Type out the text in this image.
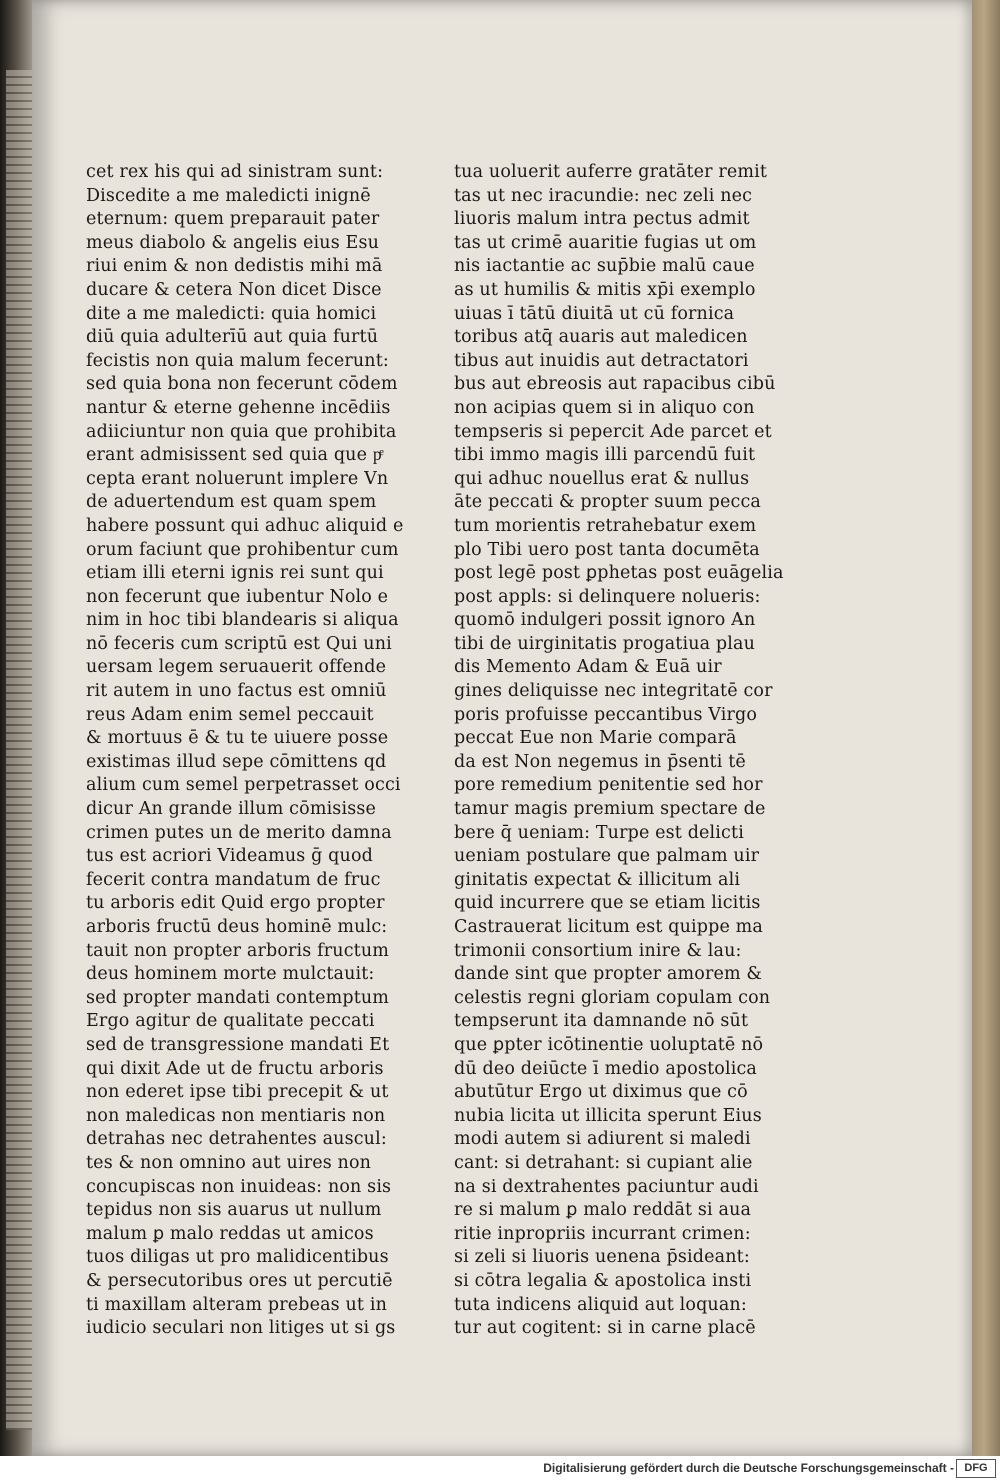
cet rex his qui ad sinistram sunt:
Discedite a me maledicti inignē
eternum: quem preparauit pater
meus diabolo & angelis eius Esu
riui enim & non dedistis mihi mā
ducare & cetera Non dicet Disce
dite a me maledicti: quia homici
diū quia adulterīū aut quia furtū
fecistis non quia malum fecerunt:
sed quia bona non fecerunt cōdem
nantur & eterne gehenne incēdiis
adiiciuntur non quia que prohibita
erant admisissent sed quia que pͤ
cepta erant noluerunt implere Vn
de aduertendum est quam spem
habere possunt qui adhuc aliquid e
orum faciunt que prohibentur cum
etiam illi eterni ignis rei sunt qui
non fecerunt que iubentur Nolo e
nim in hoc tibi blandearis si aliqua
nō feceris cum scriptū est Qui uni
uersam legem seruauerit offende
rit autem in uno factus est omniū
reus Adam enim semel peccauit
& mortuus ē & tu te uiuere posse
existimas illud sepe cōmittens qd
alium cum semel perpetrasset occi
dicur An grande illum cōmisisse
crimen putes un de merito damna
tus est acriori Videamus ḡ quod
fecerit contra mandatum de fruc
tu arboris edit Quid ergo propter
arboris fructū deus hominē mulc:
tauit non propter arboris fructum
deus hominem morte mulctauit:
sed propter mandati contemptum
Ergo agitur de qualitate peccati
sed de transgressione mandati Et
qui dixit Ade ut de fructu arboris
non ederet ipse tibi precepit & ut
non maledicas non mentiaris non
detrahas nec detrahentes auscul:
tes & non omnino aut uires non
concupiscas non inuideas: non sis
tepidus non sis auarus ut nullum
malum ꝑ malo reddas ut amicos
tuos diligas ut pro malidicentibus
& persecutoribus ores ut percutiē
ti maxillam alteram prebeas ut in
iudicio seculari non litiges ut si gs
tua uoluerit auferre gratāter remit
tas ut nec iracundie: nec zeli nec
liuoris malum intra pectus admit
tas ut crimē auaritie fugias ut om
nis iactantie ac sup̄bie malū caue
as ut humilis & mitis xp̄i exemplo
uiuas ī tātū diuitā ut cū fornica
toribus atq̄ auaris aut maledicen
tibus aut inuidis aut detractatori
bus aut ebreosis aut rapacibus cibū
non acipias quem si in aliquo con
tempseris si pepercit Ade parcet et
tibi immo magis illi parcendū fuit
qui adhuc nouellus erat & nullus
āte peccati & propter suum pecca
tum morientis retrahebatur exem
plo Tibi uero post tanta documēta
post legē post ꝑphetas post euāgelia
post appls: si delinquere nolueris:
quomō indulgeri possit ignoro An
tibi de uirginitatis progatiua plau
dis Memento Adam & Euā uir
gines deliquisse nec integritatē cor
poris profuisse peccantibus Virgo
peccat Eue non Marie comparā
da est Non negemus in p̄senti tē
pore remedium penitentie sed hor
tamur magis premium spectare de
bere q̄ ueniam: Turpe est delicti
ueniam postulare que palmam uir
ginitatis expectat & illicitum ali
quid incurrere que se etiam licitis
Castrauerat licitum est quippe ma
trimonii consortium inire & lau:
dande sint que propter amorem &
celestis regni gloriam copulam con
tempserunt ita damnande nō sūt
que ꝑpter icōtinentie uoluptatē nō
dū deo deiūcte ī medio apostolica
abutūtur Ergo ut diximus que cō
nubia licita ut illicita sperunt Eius
modi autem si adiurent si maledi
cant: si detrahant: si cupiant alie
na si dextrahentes paciuntur audi
re si malum ꝑ malo reddāt si aua
ritie inpropriis incurrant crimen:
si zeli si liuoris uenena p̄sideant:
si cōtra legalia & apostolica insti
tuta indicens aliquid aut loquan:
tur aut cogitent: si in carne placē
Digitalisierung gefördert durch die Deutsche Forschungsgemeinschaft - DFG
